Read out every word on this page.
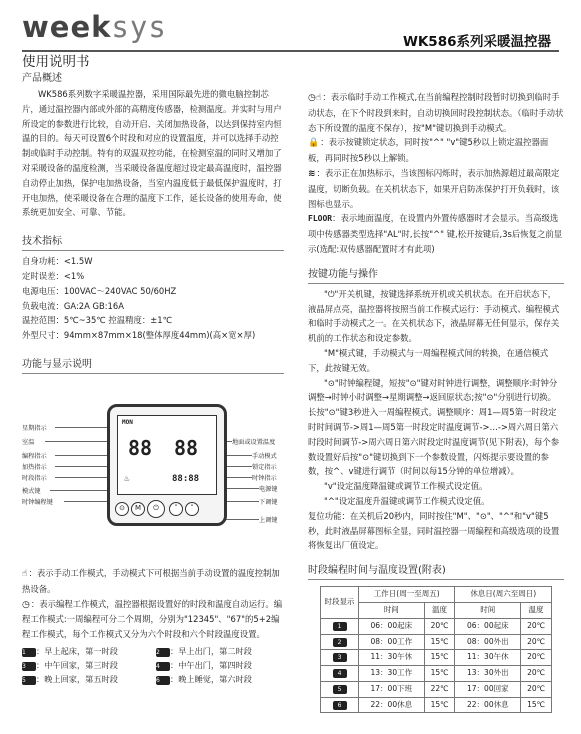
weeksys	WK586系列采暖温控器
使用说明书
产品概述

WK586系列数字采暖温控器，采用国际最先进的微电脑控制芯片，通过温控器内部或外部的高精度传感器，检测温度。并实时与用户所设定的参数进行比较，自动开启、关闭加热设备，以达到保持室内恒温的目的。每天可设置6个时段和对应的设置温度，并可以选择手动控制或临时手动控制。特有的双温双控功能，在检测室温的同时又增加了对采暖设备的温度检测，当采暖设备温度超过设定最高温度时，温控器自动停止加热，保护电加热设备，当室内温度低于最低保护温度时，打开电加热，使采暖设备在合理的温度下工作，延长设备的使用寿命，使系统更加安全、可靠、节能。

技术指标

自身功耗：<1.5W

定时误差：<1%

电源电压：100VAC～240VAC 50/60HZ

负载电流：GA:2A GB:16A

温控范围：5℃~35℃ 控温精度：±1℃

外型尺寸：94mm×87mm×18(整体厚度44mm)(高×宽×厚)

功能与显示说明
星期指示
室温
编程指示
加热指示
时段指示
模式键
时钟编程键
地面或设置温度
手动模式
锁定指示
时钟指示
电源键
下调键
上调键
MON
88 88
88:88
♨
⊙	M	⏻	˅	˄

☝：表示手动工作模式，手动模式下可根据当前手动设置的温度控制加热设备。

◷：表示编程工作模式，温控器根据设置好的时段和温度自动运行。编程工作模式:一周编程可分二个周期，分别为"12345"、"67"的5+2编程工作模式，每个工作模式又分为六个时段和六个时段温度设置。

1 ：早上起床，第一时段	2 ：早上出门，第二时段
3 ：中午回家，第三时段	4 ：中午出门，第四时段
5 ：晚上回家，第五时段	6 ：晚上睡觉，第六时段

◷☝：表示临时手动工作模式,在当前编程控制时段暂时切换到临时手动状态，在下个时段到来时，自动切换回时段控制状态。（临时手动状态下所设置的温度不保存），按"M"键切换到手动模式。

🔒：表示按键锁定状态，同时按"^" "v"键5秒以上锁定温控器面板，再同时按5秒以上解锁。

≋：表示正在加热标示，当该图标闪烁时，表示加热源超过最高限定温度，切断负载。在关机状态下，如果开启防冻保护打开负载时，该图标也显示。

FLOOR：表示地面温度，在设置内外置传感器时才会显示。当高级选项中传感器类型选择"AL"时,长按"^" 键,松开按键后,3s后恢复之前显示(选配:双传感器配置时才有此项)

按键功能与操作

"⏻"开关机键，按键选择系统开机或关机状态。在开启状态下，液晶屏点亮，温控器将按照当前工作模式运行：手动模式、编程模式和临时手动模式之一。在关机状态下，液晶屏幕无任何显示，保存关机前的工作状态和设定参数。

"M"模式键，手动模式与一周编程模式间的转换，在通信模式下，此按键无效。

"⊙"时钟编程键，短按"⊙"键对时钟进行调整，调整顺序:时钟分调整→时钟小时调整→星期调整→返回原状态;按"⊙"分别进行切换。长按"⊙"键3秒进入一周编程模式。调整顺序：周1—周5第一时段定时时间调节->周1—周5第一时段定时温度调节->…->周六周日第六时段时间调节->周六周日第六时段定时温度调节(见下附表)，每个参数设置好后按"⊙"键切换到下一个参数设置，闪烁提示要设置的参数，按^、v键进行调节（时间以每15分钟的单位增减）。

"v"设定温度降温键或调节工作模式设定值。

"^"设定温度升温键或调节工作模式设定值。

复位功能：在关机后20秒内，同时按住"M"、"⊙"、"^"和"v"键5秒，此时液晶屏幕图标全显，同时温控器一周编程和高级选项的设置将恢复出厂值设定。

时段编程时间与温度设置(附表)
时段显示	工作日(周一至周五)		休息日(周六至周日)	
	时间	温度	时间	温度
1	06：00起床	20℃	06：00起床	20℃
2	08：00工作	15℃	08：00外出	20℃
3	11：30午休	15℃	11：30午休	20℃
4	13：30工作	15℃	13：30外出	20℃
5	17：00下班	22℃	17：00回家	20℃
6	22：00休息	15℃	22：00休息	15℃
